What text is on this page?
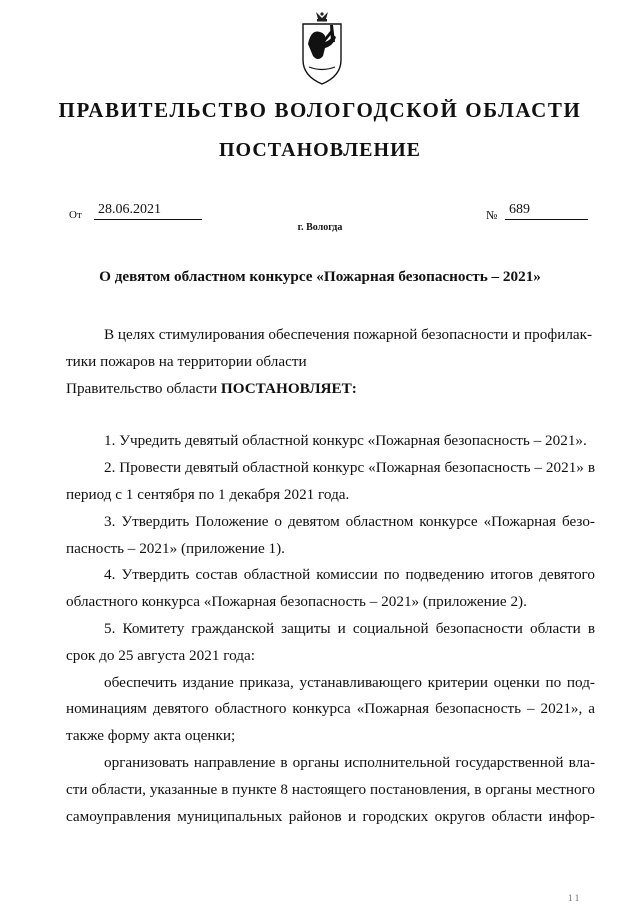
ПРАВИТЕЛЬСТВО ВОЛОГОДСКОЙ ОБЛАСТИ
ПОСТАНОВЛЕНИЕ
От 28.06.2021	№ 689
г. Вологда
О девятом областном конкурсе «Пожарная безопасность – 2021»

В целях стимулирования обеспечения пожарной безопасности и профилак-

тики пожаров на территории области

Правительство области ПОСТАНОВЛЯЕТ:

1. Учредить девятый областной конкурс «Пожарная безопасность – 2021».

2. Провести девятый областной конкурс «Пожарная безопасность – 2021» в период с 1 сентября по 1 декабря 2021 года.

3. Утвердить Положение о девятом областном конкурсе «Пожарная безо-пасность – 2021» (приложение 1).

4. Утвердить состав областной комиссии по подведению итогов девятого областного конкурса «Пожарная безопасность – 2021» (приложение 2).

5. Комитету гражданской защиты и социальной безопасности области в срок до 25 августа 2021 года:

обеспечить издание приказа, устанавливающего критерии оценки по под-номинациям девятого областного конкурса «Пожарная безопасность – 2021», а также форму акта оценки;

организовать направление в органы исполнительной государственной вла-сти области, указанные в пункте 8 настоящего постановления, в органы местного самоуправления муниципальных районов и городских округов области инфор-

1 1
